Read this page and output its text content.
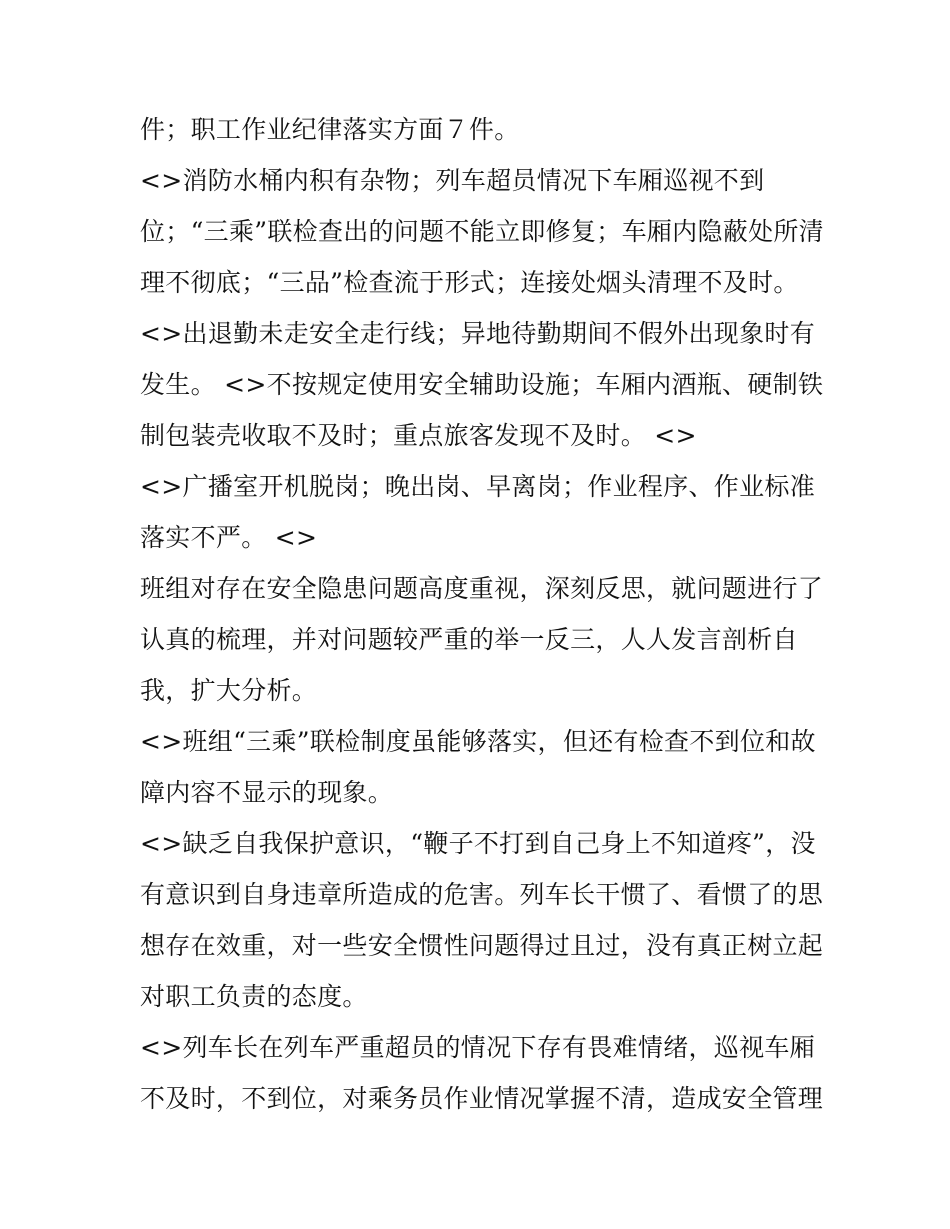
件；职工作业纪律落实方面７件。
<>消防水桶内积有杂物；列车超员情况下车厢巡视不到
位；“三乘”联检查出的问题不能立即修复；车厢内隐蔽处所清
理不彻底；“三品”检查流于形式；连接处烟头清理不及时。
<>出退勤未走安全走行线；异地待勤期间不假外出现象时有
发生。 <>不按规定使用安全辅助设施；车厢内酒瓶、硬制铁
制包装壳收取不及时；重点旅客发现不及时。 <>
<>广播室开机脱岗；晚出岗、早离岗；作业程序、作业标准
落实不严。 <>
班组对存在安全隐患问题高度重视，深刻反思，就问题进行了
认真的梳理，并对问题较严重的举一反三，人人发言剖析自
我，扩大分析。
<>班组“三乘”联检制度虽能够落实，但还有检查不到位和故
障内容不显示的现象。
<>缺乏自我保护意识，“鞭子不打到自己身上不知道疼”，没
有意识到自身违章所造成的危害。列车长干惯了、看惯了的思
想存在效重，对一些安全惯性问题得过且过，没有真正树立起
对职工负责的态度。
<>列车长在列车严重超员的情况下存有畏难情绪，巡视车厢
不及时，不到位，对乘务员作业情况掌握不清，造成安全管理
